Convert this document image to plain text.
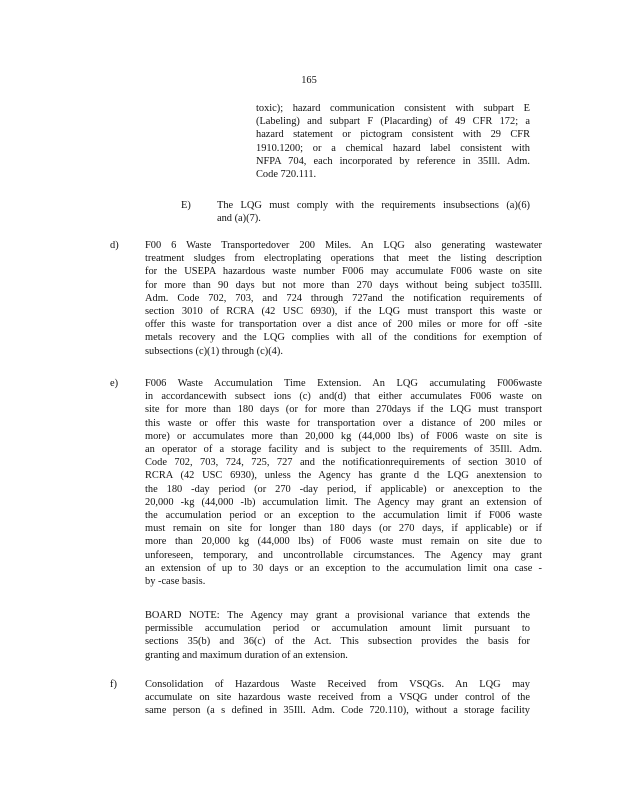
165

toxic); hazard communication consistent with subpart E

(Labeling) and subpart F (Placarding) of 49 CFR 172; a

hazard statement or pictogram consistent with 29 CFR

1910.1200; or a chemical hazard label consistent with

NFPA 704, each incorporated by reference in 35Ill. Adm.

Code 720.111.

E)	The LQG must comply with the requirements insubsections (a)(6)

and (a)(7).

d)	F00 6 Waste Transportedover 200 Miles. An LQG also generating wastewater

treatment sludges from electroplating operations that meet the listing description

for the USEPA hazardous waste number F006 may accumulate F006 waste on site

for more than 90 days but not more than 270 days without being subject to35Ill.

Adm. Code 702, 703, and 724 through 727and the notification requirements of

section 3010 of RCRA (42 USC 6930), if the LQG must transport this waste or

offer this waste for transportation over a dist ance of 200 miles or more for off -site

metals recovery and the LQG complies with all of the conditions for exemption of

subsections (c)(1) through (c)(4).

e)	F006 Waste Accumulation Time Extension. An LQG accumulating F006waste

in accordancewith subsect ions (c) and(d) that either accumulates F006 waste on

site for more than 180 days (or for more than 270days if the LQG must transport

this waste or offer this waste for transportation over a distance of 200 miles or

more) or accumulates more than 20,000 kg (44,000 lbs) of F006 waste on site is

an operator of a storage facility and is subject to the requirements of 35Ill. Adm.

Code 702, 703, 724, 725, 727 and the notificationrequirements of section 3010 of

RCRA (42 USC 6930), unless the Agency has grante d the LQG anextension to

the 180 -day period (or 270 -day period, if applicable) or anexception to the

20,000 -kg (44,000 -lb) accumulation limit. The Agency may grant an extension of

the accumulation period or an exception to the accumulation limit if F006 waste

must remain on site for longer than 180 days (or 270 days, if applicable) or if

more than 20,000 kg (44,000 lbs) of F006 waste must remain on site due to

unforeseen, temporary, and uncontrollable circumstances. The Agency may grant

an extension of up to 30 days or an exception to the accumulation limit ona case -

by -case basis.

BOARD NOTE: The Agency may grant a provisional variance that extends the

permissible accumulation period or accumulation amount limit pursuant to

sections 35(b) and 36(c) of the Act. This subsection provides the basis for

granting and maximum duration of an extension.

f)	Consolidation of Hazardous Waste Received from VSQGs. An LQG may

accumulate on site hazardous waste received from a VSQG under control of the

same person (a s defined in 35Ill. Adm. Code 720.110), without a storage facility
